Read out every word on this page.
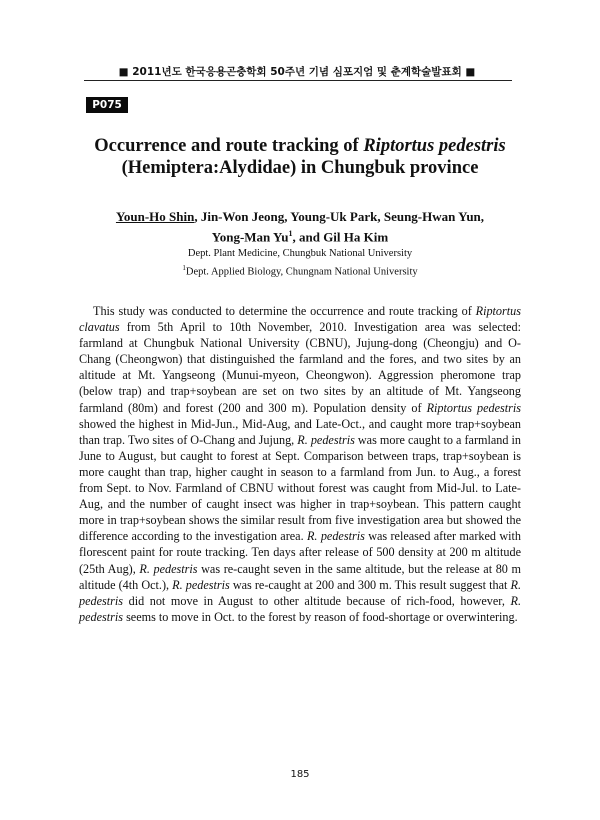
■ 2011년도 한국응용곤충학회 50주년 기념 심포지엄 및 춘계학술발표회 ■
P075
Occurrence and route tracking of Riptortus pedestris
(Hemiptera:Alydidae) in Chungbuk province
Youn-Ho Shin, Jin-Won Jeong, Young-Uk Park, Seung-Hwan Yun,
Yong-Man Yu$^1$, and Gil Ha Kim
Dept. Plant Medicine, Chungbuk National University
$^1$Dept. Applied Biology, Chungnam National University

This study was conducted to determine the occurrence and route tracking of Riptortus clavatus from 5th April to 10th November, 2010. Investigation area was selected: farmland at Chungbuk National University (CBNU), Jujung-dong (Cheongju) and O-Chang (Cheongwon) that distinguished the farmland and the fores, and two sites by an altitude at Mt. Yangseong (Munui-myeon, Cheongwon). Aggression pheromone trap (below trap) and trap+soybean are set on two sites by an altitude of Mt. Yangseong farmland (80m) and forest (200 and 300 m). Population density of Riptortus pedestris showed the highest in Mid-Jun., Mid-Aug, and Late-Oct., and caught more trap+soybean than trap. Two sites of O-Chang and Jujung, R. pedestris was more caught to a farmland in June to August, but caught to forest at Sept. Comparison between traps, trap+soybean is more caught than trap, higher caught in season to a farmland from Jun. to Aug., a forest from Sept. to Nov. Farmland of CBNU without forest was caught from Mid-Jul. to Late-Aug, and the number of caught insect was higher in trap+soybean. This pattern caught more in trap+soybean shows the similar result from five investigation area but showed the difference according to the investigation area. R. pedestris was released after marked with florescent paint for route tracking. Ten days after release of 500 density at 200 m altitude (25th Aug), R. pedestris was re-caught seven in the same altitude, but the release at 80 m altitude (4th Oct.), R. pedestris was re-caught at 200 and 300 m. This result suggest that R. pedestris did not move in August to other altitude because of rich-food, however, R. pedestris seems to move in Oct. to the forest by reason of food-shortage or overwintering.

185
